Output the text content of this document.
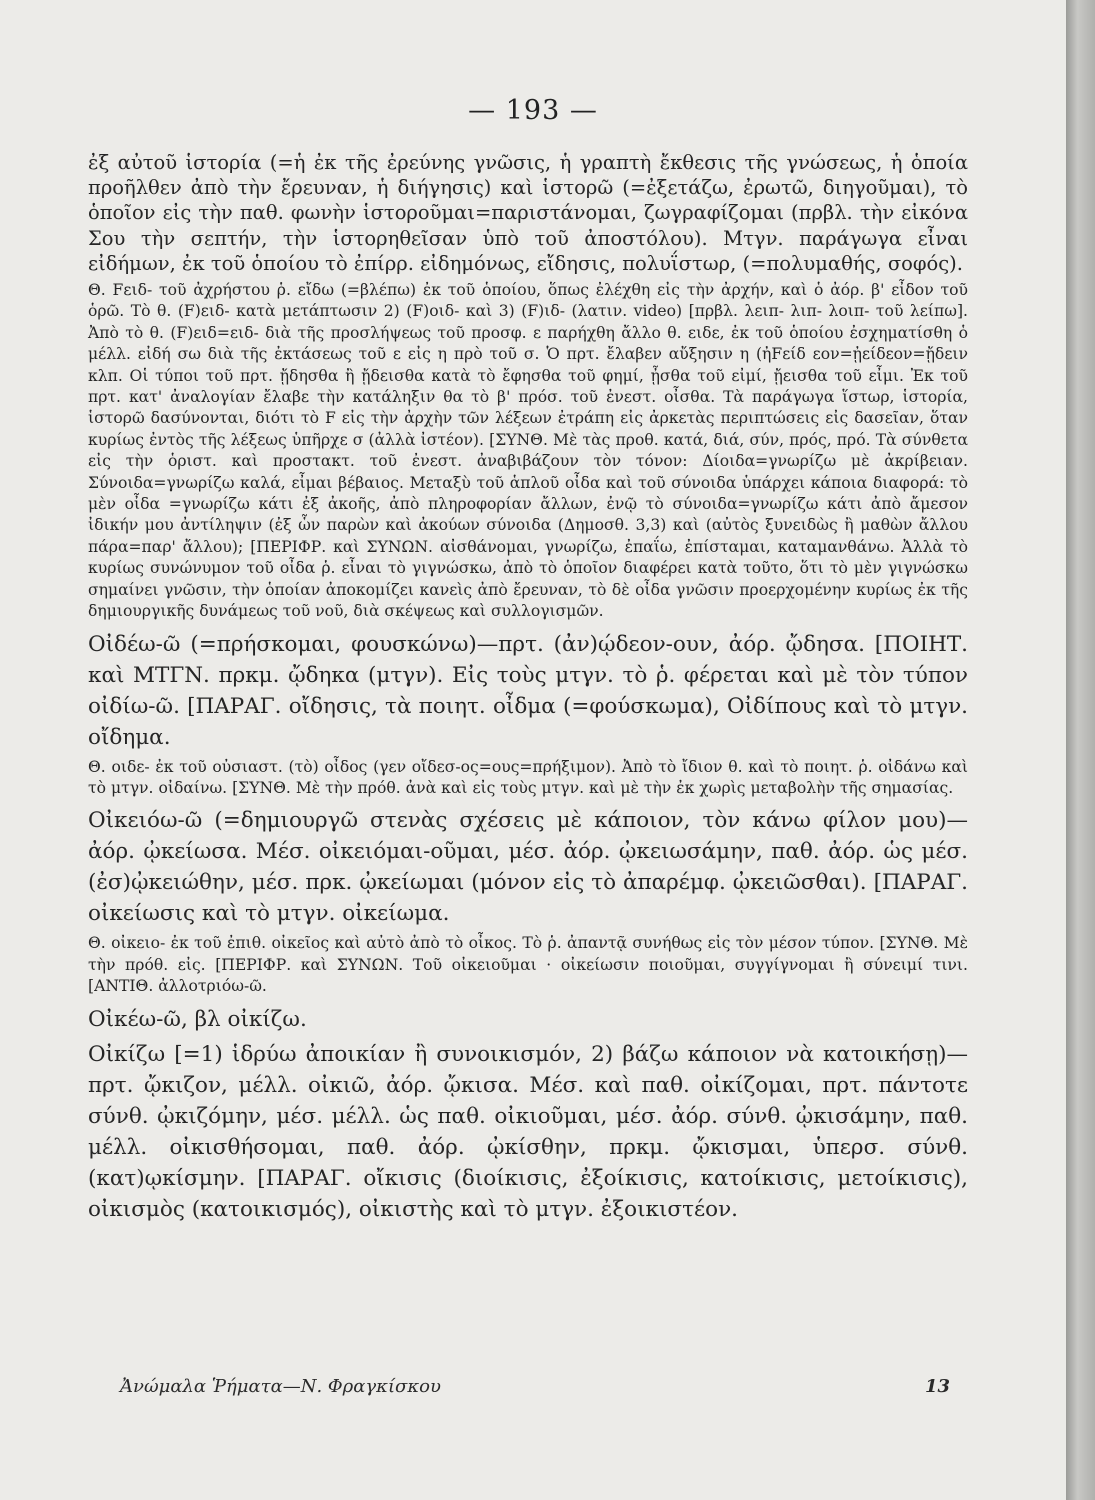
— 193 —

ἐξ αὐτοῦ ἱστορία (=ἡ ἐκ τῆς ἐρεύνης γνῶσις, ἡ γραπτὴ ἔκθεσις τῆς γνώσεως, ἡ ὁποία προῆλθεν ἀπὸ τὴν ἔρευναν, ἡ διήγησις) καὶ ἱστορῶ (=ἐξετάζω, ἐρωτῶ, διηγοῦμαι), τὸ ὁποῖον εἰς τὴν παθ. φωνὴν ἱστοροῦμαι=παριστάνομαι, ζωγραφίζομαι (πρβλ. τὴν εἰκόνα Σου τὴν σεπτήν, τὴν ἱστορηθεῖσαν ὑπὸ τοῦ ἀποστόλου). Μτγν. παράγωγα εἶναι εἰδήμων, ἐκ τοῦ ὁποίου τὸ ἐπίρρ. εἰδημόνως, εἴδησις, πολυΐστωρ, (=πολυμαθής, σοφός).

Θ. Fειδ- τοῦ ἀχρήστου ῥ. εἴδω (=βλέπω) ἐκ τοῦ ὁποίου, ὅπως ἐλέχθη εἰς τὴν ἀρχήν, καὶ ὁ ἀόρ. β' εἶδον τοῦ ὁρῶ. Τὸ θ. (F)ειδ- κατὰ μετάπτωσιν 2) (F)οιδ- καὶ 3) (F)ιδ- (λατιν. video) [πρβλ. λειπ- λιπ- λοιπ- τοῦ λείπω]. Ἀπὸ τὸ θ. (F)ειδ=ειδ- διὰ τῆς προσλήψεως τοῦ προσφ. ε παρήχθη ἄλλο θ. ειδε, ἐκ τοῦ ὁποίου ἐσχηματίσθη ὁ μέλλ. εἰδή σω διὰ τῆς ἐκτάσεως τοῦ ε εἰς η πρὸ τοῦ σ. Ὁ πρτ. ἔλαβεν αὔξησιν η (ἠFείδ εον=ᾐείδεον=ᾔδειν κλπ. Οἱ τύποι τοῦ πρτ. ᾔδησθα ἢ ᾔδεισθα κατὰ τὸ ἔφησθα τοῦ φημί, ᾖσθα τοῦ εἰμί, ᾔεισθα τοῦ εἶμι. Ἐκ τοῦ πρτ. κατ' ἀναλογίαν ἔλαβε τὴν κατάληξιν θα τὸ β' πρόσ. τοῦ ἐνεστ. οἶσθα. Τὰ παράγωγα ἵστωρ, ἱστορία, ἱστορῶ δασύνονται, διότι τὸ F εἰς τὴν ἀρχὴν τῶν λέξεων ἐτράπη εἰς ἀρκετὰς περιπτώσεις εἰς δασεῖαν, ὅταν κυρίως ἐντὸς τῆς λέξεως ὑπῆρχε σ (ἀλλὰ ἰστέον). [ΣΥΝΘ. Μὲ τὰς προθ. κατά, διά, σύν, πρός, πρό. Τὰ σύνθετα εἰς τὴν ὁριστ. καὶ προστακτ. τοῦ ἐνεστ. ἀναβιβάζουν τὸν τόνον: Δίοιδα=γνωρίζω μὲ ἀκρίβειαν. Σύνοιδα=γνωρίζω καλά, εἶμαι βέβαιος. Μεταξὺ τοῦ ἁπλοῦ οἶδα καὶ τοῦ σύνοιδα ὑπάρχει κάποια διαφορά: τὸ μὲν οἶδα =γνωρίζω κάτι ἐξ ἀκοῆς, ἀπὸ πληροφορίαν ἄλλων, ἐνῷ τὸ σύνοιδα=γνωρίζω κάτι ἀπὸ ἄμεσον ἰδικήν μου ἀντίληψιν (ἐξ ὧν παρὼν καὶ ἀκούων σύνοιδα (Δημοσθ. 3,3) καὶ (αὐτὸς ξυνειδὼς ἢ μαθὼν ἄλλου πάρα=παρ' ἄλλου); [ΠΕΡΙΦΡ. καὶ ΣΥΝΩΝ. αἰσθάνομαι, γνωρίζω, ἐπαΐω, ἐπίσταμαι, καταμανθάνω. Ἀλλὰ τὸ κυρίως συνώνυμον τοῦ οἶδα ῥ. εἶναι τὸ γιγνώσκω, ἀπὸ τὸ ὁποῖον διαφέρει κατὰ τοῦτο, ὅτι τὸ μὲν γιγνώσκω σημαίνει γνῶσιν, τὴν ὁποίαν ἀποκομίζει κανεὶς ἀπὸ ἔρευναν, τὸ δὲ οἶδα γνῶσιν προερχομένην κυρίως ἐκ τῆς δημιουργικῆς δυνάμεως τοῦ νοῦ, διὰ σκέψεως καὶ συλλογισμῶν.

Οἰδέω-ῶ (=πρήσκομαι, φουσκώνω)—πρτ. (ἀν)ῴδεον-ουν, ἀόρ. ᾤδησα. [ΠΟΙΗΤ. καὶ ΜΤΓΝ. πρκμ. ᾤδηκα (μτγν). Εἰς τοὺς μτγν. τὸ ῥ. φέρεται καὶ μὲ τὸν τύπον οἰδίω-ῶ. [ΠΑΡΑΓ. οἴδησις, τὰ ποιητ. οἶδμα (=φούσκωμα), Οἰδίπους καὶ τὸ μτγν. οἴδημα.

Θ. οιδε- ἐκ τοῦ οὐσιαστ. (τὸ) οἶδος (γεν οἴδεσ-ος=ους=πρήξιμον). Ἀπὸ τὸ ἴδιον θ. καὶ τὸ ποιητ. ῥ. οἰδάνω καὶ τὸ μτγν. οἰδαίνω. [ΣΥΝΘ. Μὲ τὴν πρόθ. ἀνὰ καὶ εἰς τοὺς μτγν. καὶ μὲ τὴν ἐκ χωρὶς μεταβολὴν τῆς σημασίας.

Οἰκειόω-ῶ (=δημιουργῶ στενὰς σχέσεις μὲ κάποιον, τὸν κάνω φίλον μου)—ἀόρ. ᾠκείωσα. Μέσ. οἰκειόμαι-οῦμαι, μέσ. ἀόρ. ᾠκειωσάμην, παθ. ἀόρ. ὡς μέσ. (ἐσ)ᾠκειώθην, μέσ. πρκ. ᾠκείωμαι (μόνον εἰς τὸ ἀπαρέμφ. ᾠκειῶσθαι). [ΠΑΡΑΓ. οἰκείωσις καὶ τὸ μτγν. οἰκείωμα.

Θ. οἰκειο- ἐκ τοῦ ἐπιθ. οἰκεῖος καὶ αὐτὸ ἀπὸ τὸ οἶκος. Τὸ ῥ. ἀπαντᾷ συνήθως εἰς τὸν μέσον τύπον. [ΣΥΝΘ. Μὲ τὴν πρόθ. εἰς. [ΠΕΡΙΦΡ. καὶ ΣΥΝΩΝ. Τοῦ οἰκειοῦμαι · οἰκείωσιν ποιοῦμαι, συγγίγνομαι ἢ σύνειμί τινι. [ΑΝΤΙΘ. ἀλλοτριόω-ῶ.

Οἰκέω-ῶ, βλ οἰκίζω.

Οἰκίζω [=1) ἱδρύω ἀποικίαν ἢ συνοικισμόν, 2) βάζω κάποιον νὰ κατοικήσῃ)—πρτ. ᾤκιζον, μέλλ. οἰκιῶ, ἀόρ. ᾤκισα. Μέσ. καὶ παθ. οἰκίζομαι, πρτ. πάντοτε σύνθ. ᾠκιζόμην, μέσ. μέλλ. ὡς παθ. οἰκιοῦμαι, μέσ. ἀόρ. σύνθ. ᾠκισάμην, παθ. μέλλ. οἰκισθήσομαι, παθ. ἀόρ. ᾠκίσθην, πρκμ. ᾤκισμαι, ὑπερσ. σύνθ. (κατ)ῳκίσμην. [ΠΑΡΑΓ. οἴκισις (διοίκισις, ἐξοίκισις, κατοίκισις, μετοίκισις), οἰκισμὸς (κατοικισμός), οἰκιστὴς καὶ τὸ μτγν. ἐξοικιστέον.

Ἀνώμαλα Ῥήματα—Ν. Φραγκίσκου	13
